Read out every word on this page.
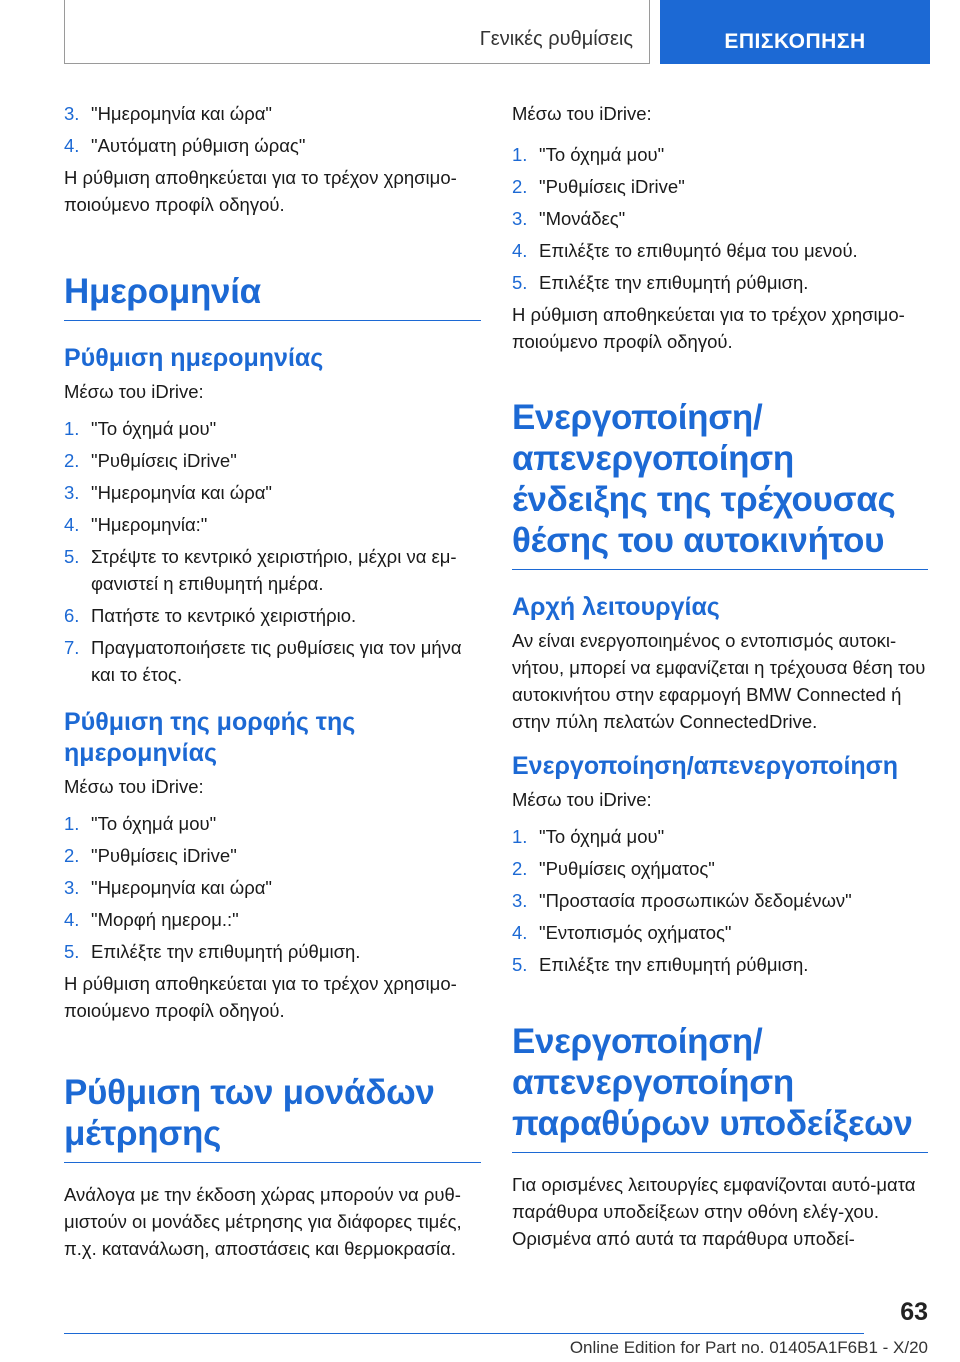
Γενικές ρυθμίσεις	ΕΠΙΣΚΟΠΗΣΗ
3. "Ημερομηνία και ώρα"
4. "Αυτόματη ρύθμιση ώρας"

Η ρύθμιση αποθηκεύεται για το τρέχον χρησιμο-ποιούμενο προφίλ οδηγού.

Ημερομηνία
Ρύθμιση ημερομηνίας

Μέσω του iDrive:

1. "Το όχημά μου"
2. "Ρυθμίσεις iDrive"
3. "Ημερομηνία και ώρα"
4. "Ημερομηνία:"
5. Στρέψτε το κεντρικό χειριστήριο, μέχρι να εμ-φανιστεί η επιθυμητή ημέρα.
6. Πατήστε το κεντρικό χειριστήριο.
7. Πραγματοποιήσετε τις ρυθμίσεις για τον μήνα και το έτος.
Ρύθμιση της μορφής της ημερομηνίας

Μέσω του iDrive:

1. "Το όχημά μου"
2. "Ρυθμίσεις iDrive"
3. "Ημερομηνία και ώρα"
4. "Μορφή ημερομ.:"
5. Επιλέξτε την επιθυμητή ρύθμιση.

Η ρύθμιση αποθηκεύεται για το τρέχον χρησιμο-ποιούμενο προφίλ οδηγού.

Ρύθμιση των μονάδων μέτρησης

Ανάλογα με την έκδοση χώρας μπορούν να ρυθ-μιστούν οι μονάδες μέτρησης για διάφορες τιμές, π.χ. κατανάλωση, αποστάσεις και θερμοκρασία.

Μέσω του iDrive:

1. "Το όχημά μου"
2. "Ρυθμίσεις iDrive"
3. "Μονάδες"
4. Επιλέξτε το επιθυμητό θέμα του μενού.
5. Επιλέξτε την επιθυμητή ρύθμιση.

Η ρύθμιση αποθηκεύεται για το τρέχον χρησιμο-ποιούμενο προφίλ οδηγού.

Ενεργοποίηση/απενεργοποίηση ένδειξης της τρέχουσας θέσης του αυτοκινήτου
Αρχή λειτουργίας

Αν είναι ενεργοποιημένος ο εντοπισμός αυτοκι-νήτου, μπορεί να εμφανίζεται η τρέχουσα θέση του αυτοκινήτου στην εφαρμογή BMW Connected ή στην πύλη πελατών ConnectedDrive.

Ενεργοποίηση/απενεργοποίηση

Μέσω του iDrive:

1. "Το όχημά μου"
2. "Ρυθμίσεις οχήματος"
3. "Προστασία προσωπικών δεδομένων"
4. "Εντοπισμός οχήματος"
5. Επιλέξτε την επιθυμητή ρύθμιση.
Ενεργοποίηση/απενεργοποίηση παραθύρων υποδείξεων

Για ορισμένες λειτουργίες εμφανίζονται αυτό-ματα παράθυρα υποδείξεων στην οθόνη ελέγ-χου. Ορισμένα από αυτά τα παράθυρα υποδεί-

63
Online Edition for Part no. 01405A1F6B1 - X/20
